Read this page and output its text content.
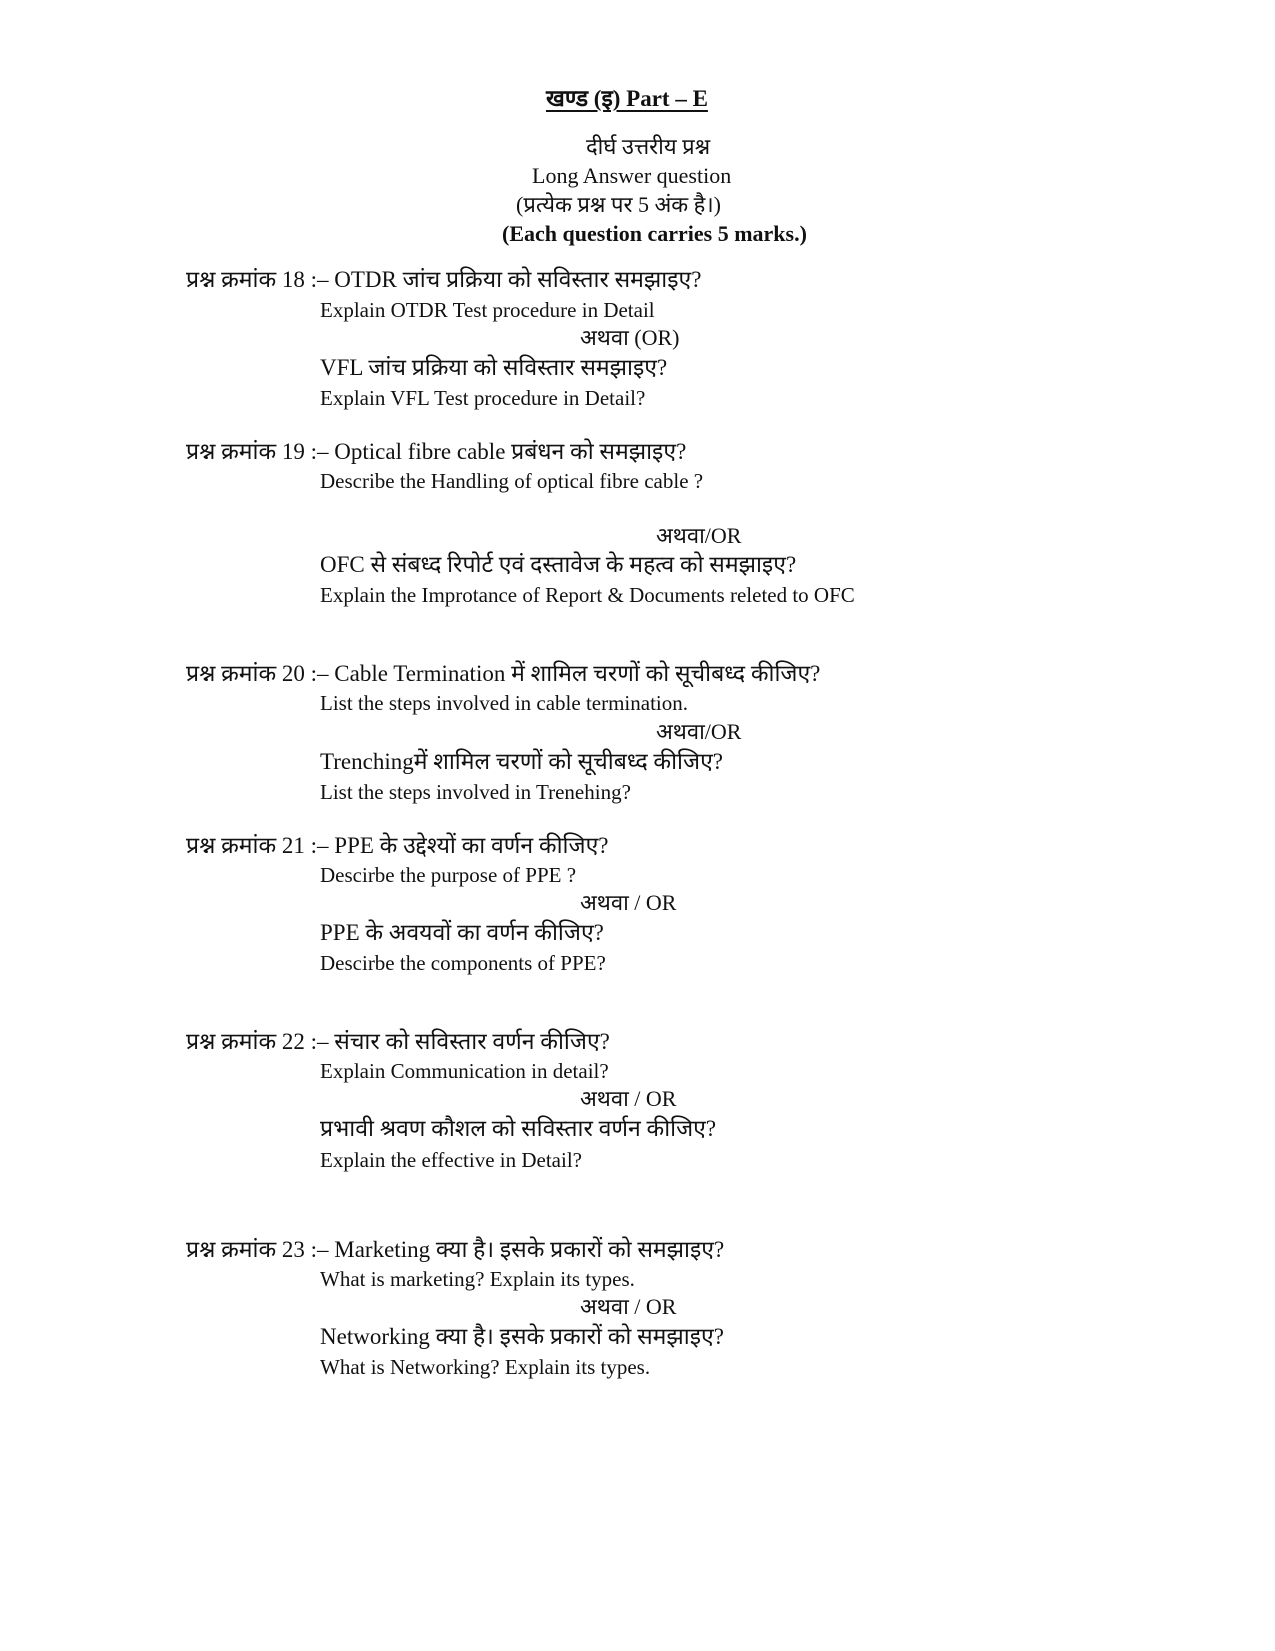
खण्ड (इ) Part – E
दीर्घ उत्तरीय प्रश्न
Long Answer question
(प्रत्येक प्रश्न पर 5 अंक है।)
(Each question carries 5 marks.)
प्रश्न क्रमांक 18 :– OTDR जांच प्रक्रिया को सविस्तार समझाइए?
Explain OTDR Test procedure in Detail
अथवा (OR)
VFL जांच प्रक्रिया को सविस्तार समझाइए?
Explain VFL Test procedure in Detail?
प्रश्न क्रमांक 19 :– Optical fibre cable प्रबंधन को समझाइए?
Describe the Handling of optical fibre cable ?
अथवा/OR
OFC से संबध्द रिपोर्ट एवं दस्तावेज के महत्व को समझाइए?
Explain the Improtance of Report & Documents releted to OFC
प्रश्न क्रमांक 20 :– Cable Termination में शामिल चरणों को सूचीबध्द कीजिए?
List the steps involved in cable termination.
अथवा/OR
Trenchingमें शामिल चरणों को सूचीबध्द कीजिए?
List the steps involved in Trenehing?
प्रश्न क्रमांक 21 :– PPE के उद्देश्यों का वर्णन कीजिए?
Descirbe the purpose of PPE ?
अथवा / OR
PPE के अवयवों का वर्णन कीजिए?
Descirbe the components of PPE?
प्रश्न क्रमांक 22 :– संचार को सविस्तार वर्णन कीजिए?
Explain Communication in detail?
अथवा / OR
प्रभावी श्रवण कौशल को सविस्तार वर्णन कीजिए?
Explain the effective in Detail?
प्रश्न क्रमांक 23 :– Marketing क्या है। इसके प्रकारों को समझाइए?
What is marketing? Explain its types.
अथवा / OR
Networking क्या है। इसके प्रकारों को समझाइए?
What is Networking? Explain its types.
